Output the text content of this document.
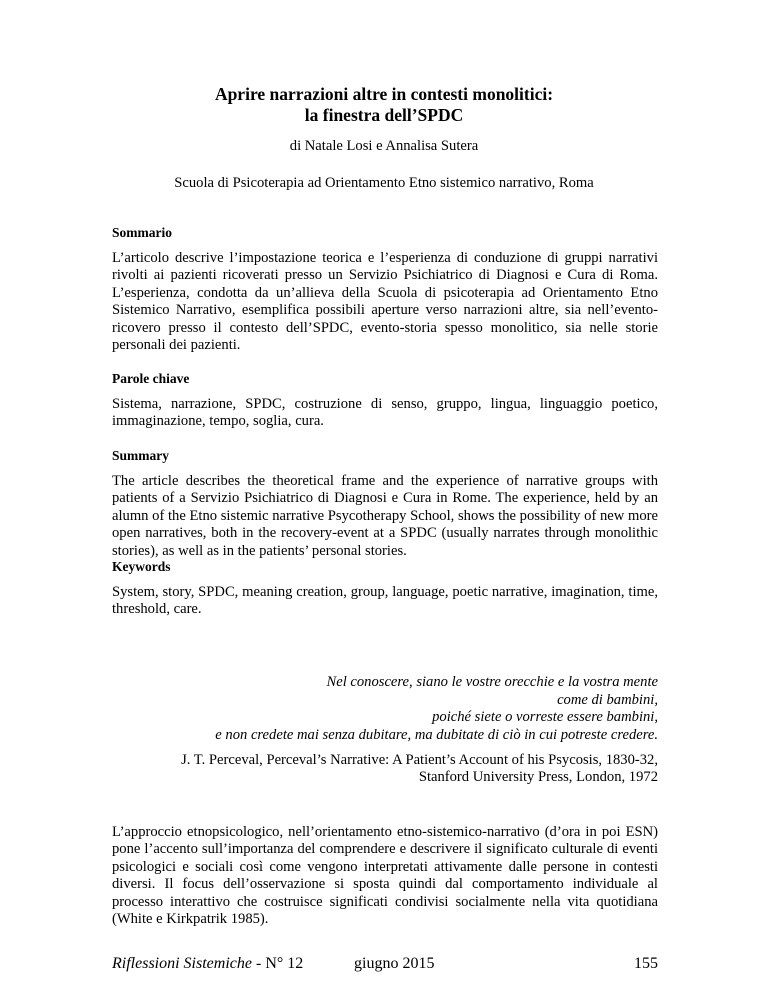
Aprire narrazioni altre in contesti monolitici:
la finestra dell’SPDC
di Natale Losi e Annalisa Sutera
Scuola di Psicoterapia ad Orientamento Etno sistemico narrativo, Roma
Sommario
L’articolo descrive l’impostazione teorica e l’esperienza di conduzione di gruppi narrativi rivolti ai pazienti ricoverati presso un Servizio Psichiatrico di Diagnosi e Cura di Roma. L’esperienza, condotta da un’allieva della Scuola di psicoterapia ad Orientamento Etno Sistemico Narrativo, esemplifica possibili aperture verso narrazioni altre, sia nell’evento-ricovero presso il contesto dell’SPDC, evento-storia spesso monolitico, sia nelle storie personali dei pazienti.
Parole chiave
Sistema, narrazione, SPDC, costruzione di senso, gruppo, lingua, linguaggio poetico, immaginazione, tempo, soglia, cura.
Summary
The article describes the theoretical frame and the experience of narrative groups with patients of a Servizio Psichiatrico di Diagnosi e Cura in Rome. The experience, held by an alumn of the Etno sistemic narrative Psycotherapy School, shows the possibility of new more open narratives, both in the recovery-event at a SPDC (usually narrates through monolithic stories), as well as in the patients’ personal stories.
Keywords
System, story, SPDC, meaning creation, group, language, poetic narrative, imagination, time, threshold, care.
Nel conoscere, siano le vostre orecchie e la vostra mente
come di bambini,
poiché siete o vorreste essere bambini,
e non credete mai senza dubitare, ma dubitate di ciò in cui potreste credere.
J. T. Perceval, Perceval’s Narrative: A Patient’s Account of his Psycosis, 1830-32,
Stanford University Press, London, 1972
L’approccio etnopsicologico, nell’orientamento etno-sistemico-narrativo (d’ora in poi ESN) pone l’accento sull’importanza del comprendere e descrivere il significato culturale di eventi psicologici e sociali così come vengono interpretati attivamente dalle persone in contesti diversi. Il focus dell’osservazione si sposta quindi dal comportamento individuale al processo interattivo che costruisce significati condivisi socialmente nella vita quotidiana (White e Kirkpatrik 1985).
Riflessioni Sistemiche - N° 12	giugno 2015	155
